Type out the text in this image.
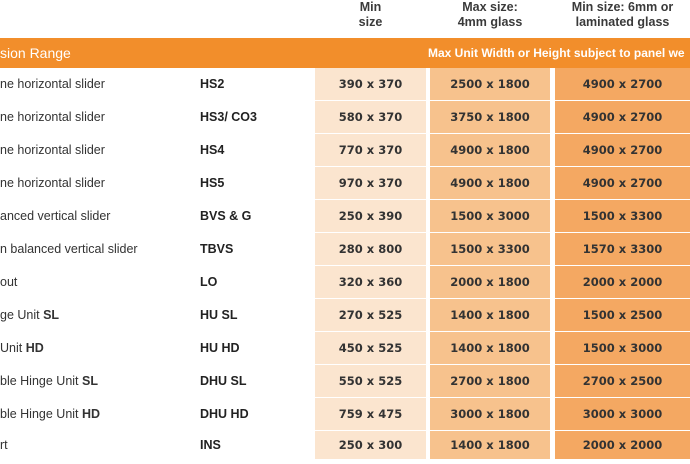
Min
size
Max size:
4mm glass
Min size: 6mm or
laminated glass
sion Range	Max Unit Width or Height subject to panel we
ne horizontal slider	HS2	390 x 370	2500 x 1800	4900 x 2700
ne horizontal slider	HS3/ CO3	580 x 370	3750 x 1800	4900 x 2700
ne horizontal slider	HS4	770 x 370	4900 x 1800	4900 x 2700
ne horizontal slider	HS5	970 x 370	4900 x 1800	4900 x 2700
anced vertical slider	BVS & G	250 x 390	1500 x 3000	1500 x 3300
n balanced vertical slider	TBVS	280 x 800	1500 x 3300	1570 x 3300
out	LO	320 x 360	2000 x 1800	2000 x 2000
ge Unit SL	HU SL	270 x 525	1400 x 1800	1500 x 2500
Unit HD	HU HD	450 x 525	1400 x 1800	1500 x 3000
ble Hinge Unit SL	DHU SL	550 x 525	2700 x 1800	2700 x 2500
ble Hinge Unit HD	DHU HD	759 x 475	3000 x 1800	3000 x 3000
rt	INS	250 x 300	1400 x 1800	2000 x 2000
